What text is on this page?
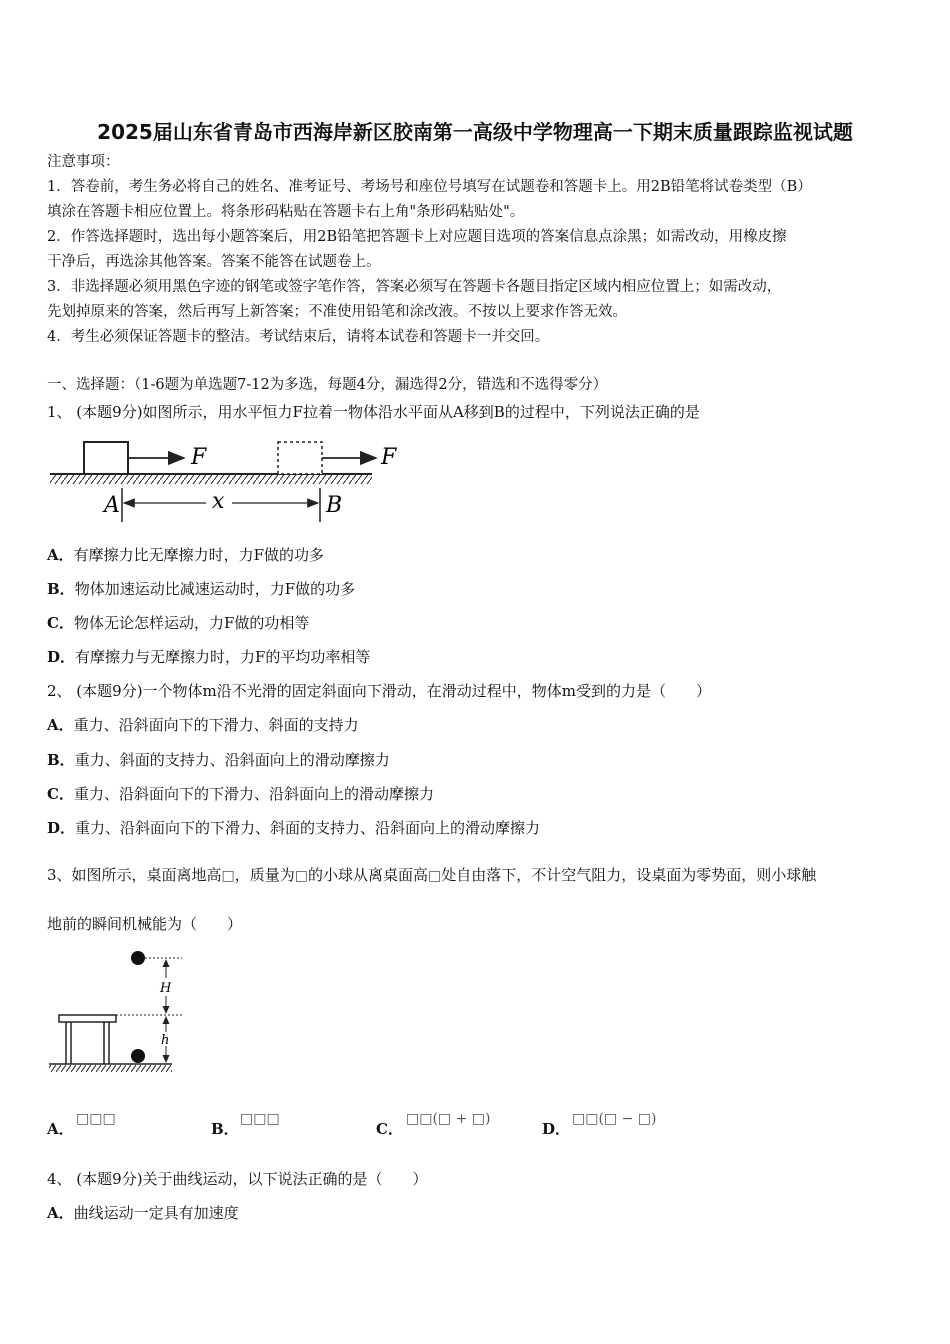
2025届山东省青岛市西海岸新区胶南第一高级中学物理高一下期末质量跟踪监视试题
注意事项：
1．答卷前，考生务必将自己的姓名、准考证号、考场号和座位号填写在试题卷和答题卡上。用2B铅笔将试卷类型（B）
填涂在答题卡相应位置上。将条形码粘贴在答题卡右上角"条形码粘贴处"。
2．作答选择题时，选出每小题答案后，用2B铅笔把答题卡上对应题目选项的答案信息点涂黑；如需改动，用橡皮擦
干净后，再选涂其他答案。答案不能答在试题卷上。
3．非选择题必须用黑色字迹的钢笔或签字笔作答，答案必须写在答题卡各题目指定区域内相应位置上；如需改动，
先划掉原来的答案，然后再写上新答案；不准使用铅笔和涂改液。不按以上要求作答无效。
4．考生必须保证答题卡的整洁。考试结束后，请将本试卷和答题卡一并交回。
一、选择题：（1-6题为单选题7-12为多选，每题4分，漏选得2分，错选和不选得零分）
1、 (本题9分)如图所示，用水平恒力F拉着一物体沿水平面从A移到B的过程中，下列说法正确的是
F	F
A	x	B
A．有摩擦力比无摩擦力时，力F做的功多
B．物体加速运动比减速运动时，力F做的功多
C．物体无论怎样运动，力F做的功相等
D．有摩擦力与无摩擦力时，力F的平均功率相等
2、 (本题9分)一个物体m沿不光滑的固定斜面向下滑动，在滑动过程中，物体m受到的力是（　　）
A．重力、沿斜面向下的下滑力、斜面的支持力
B．重力、斜面的支持力、沿斜面向上的滑动摩擦力
C．重力、沿斜面向下的下滑力、沿斜面向上的滑动摩擦力
D．重力、沿斜面向下的下滑力、斜面的支持力、沿斜面向上的滑动摩擦力
3、如图所示，桌面离地高□，质量为□的小球从离桌面高□处自由落下，不计空气阻力，设桌面为零势面，则小球触
地前的瞬间机械能为（　　）
H
h
A．
□□□
B．
□□□
C．
□□(□ + □)
D．
□□(□ − □)
4、 (本题9分)关于曲线运动，以下说法正确的是（　　）
A．曲线运动一定具有加速度
